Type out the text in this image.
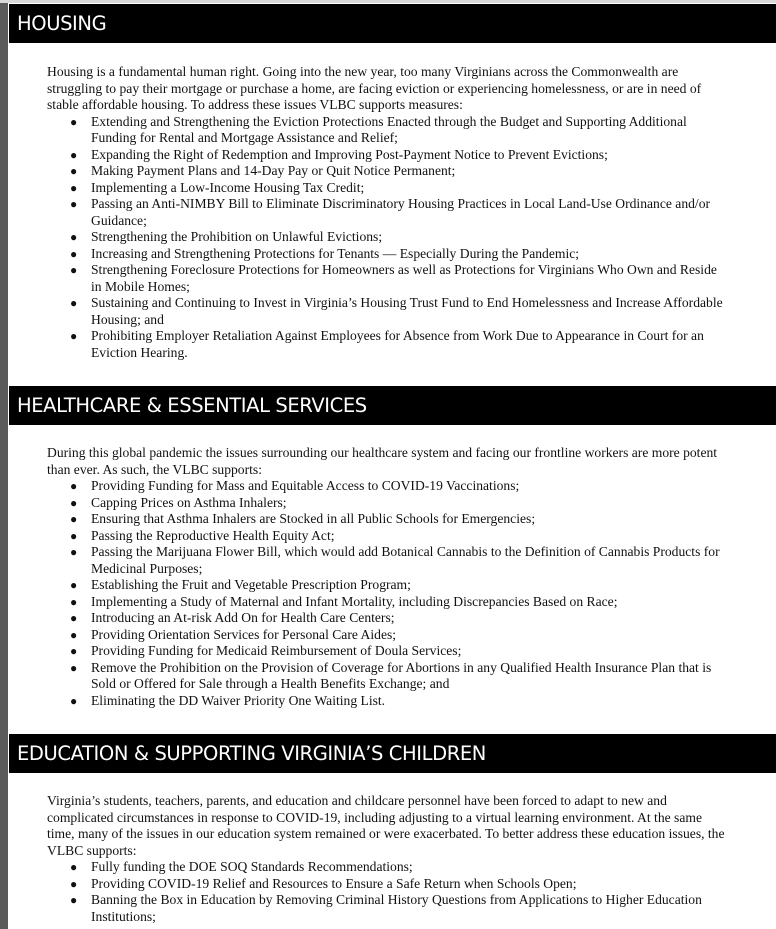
HOUSING

Housing is a fundamental human right. Going into the new year, too many Virginians across the Commonwealth are struggling to pay their mortgage or purchase a home, are facing eviction or experiencing homelessness, or are in need of stable affordable housing. To address these issues VLBC supports measures:

● Extending and Strengthening the Eviction Protections Enacted through the Budget and Supporting Additional Funding for Rental and Mortgage Assistance and Relief;
● Expanding the Right of Redemption and Improving Post-Payment Notice to Prevent Evictions;
● Making Payment Plans and 14-Day Pay or Quit Notice Permanent;
● Implementing a Low-Income Housing Tax Credit;
● Passing an Anti-NIMBY Bill to Eliminate Discriminatory Housing Practices in Local Land-Use Ordinance and/or Guidance;
● Strengthening the Prohibition on Unlawful Evictions;
● Increasing and Strengthening Protections for Tenants — Especially During the Pandemic;
● Strengthening Foreclosure Protections for Homeowners as well as Protections for Virginians Who Own and Reside in Mobile Homes;
● Sustaining and Continuing to Invest in Virginia’s Housing Trust Fund to End Homelessness and Increase Affordable Housing; and
● Prohibiting Employer Retaliation Against Employees for Absence from Work Due to Appearance in Court for an Eviction Hearing.
HEALTHCARE & ESSENTIAL SERVICES

During this global pandemic the issues surrounding our healthcare system and facing our frontline workers are more potent than ever. As such, the VLBC supports:

● Providing Funding for Mass and Equitable Access to COVID-19 Vaccinations;
● Capping Prices on Asthma Inhalers;
● Ensuring that Asthma Inhalers are Stocked in all Public Schools for Emergencies;
● Passing the Reproductive Health Equity Act;
● Passing the Marijuana Flower Bill, which would add Botanical Cannabis to the Definition of Cannabis Products for Medicinal Purposes;
● Establishing the Fruit and Vegetable Prescription Program;
● Implementing a Study of Maternal and Infant Mortality, including Discrepancies Based on Race;
● Introducing an At-risk Add On for Health Care Centers;
● Providing Orientation Services for Personal Care Aides;
● Providing Funding for Medicaid Reimbursement of Doula Services;
● Remove the Prohibition on the Provision of Coverage for Abortions in any Qualified Health Insurance Plan that is Sold or Offered for Sale through a Health Benefits Exchange; and
● Eliminating the DD Waiver Priority One Waiting List.
EDUCATION & SUPPORTING VIRGINIA’S CHILDREN

Virginia’s students, teachers, parents, and education and childcare personnel have been forced to adapt to new and complicated circumstances in response to COVID-19, including adjusting to a virtual learning environment. At the same time, many of the issues in our education system remained or were exacerbated. To better address these education issues, the VLBC supports:

● Fully funding the DOE SOQ Standards Recommendations;
● Providing COVID-19 Relief and Resources to Ensure a Safe Return when Schools Open;
● Banning the Box in Education by Removing Criminal History Questions from Applications to Higher Education Institutions;
